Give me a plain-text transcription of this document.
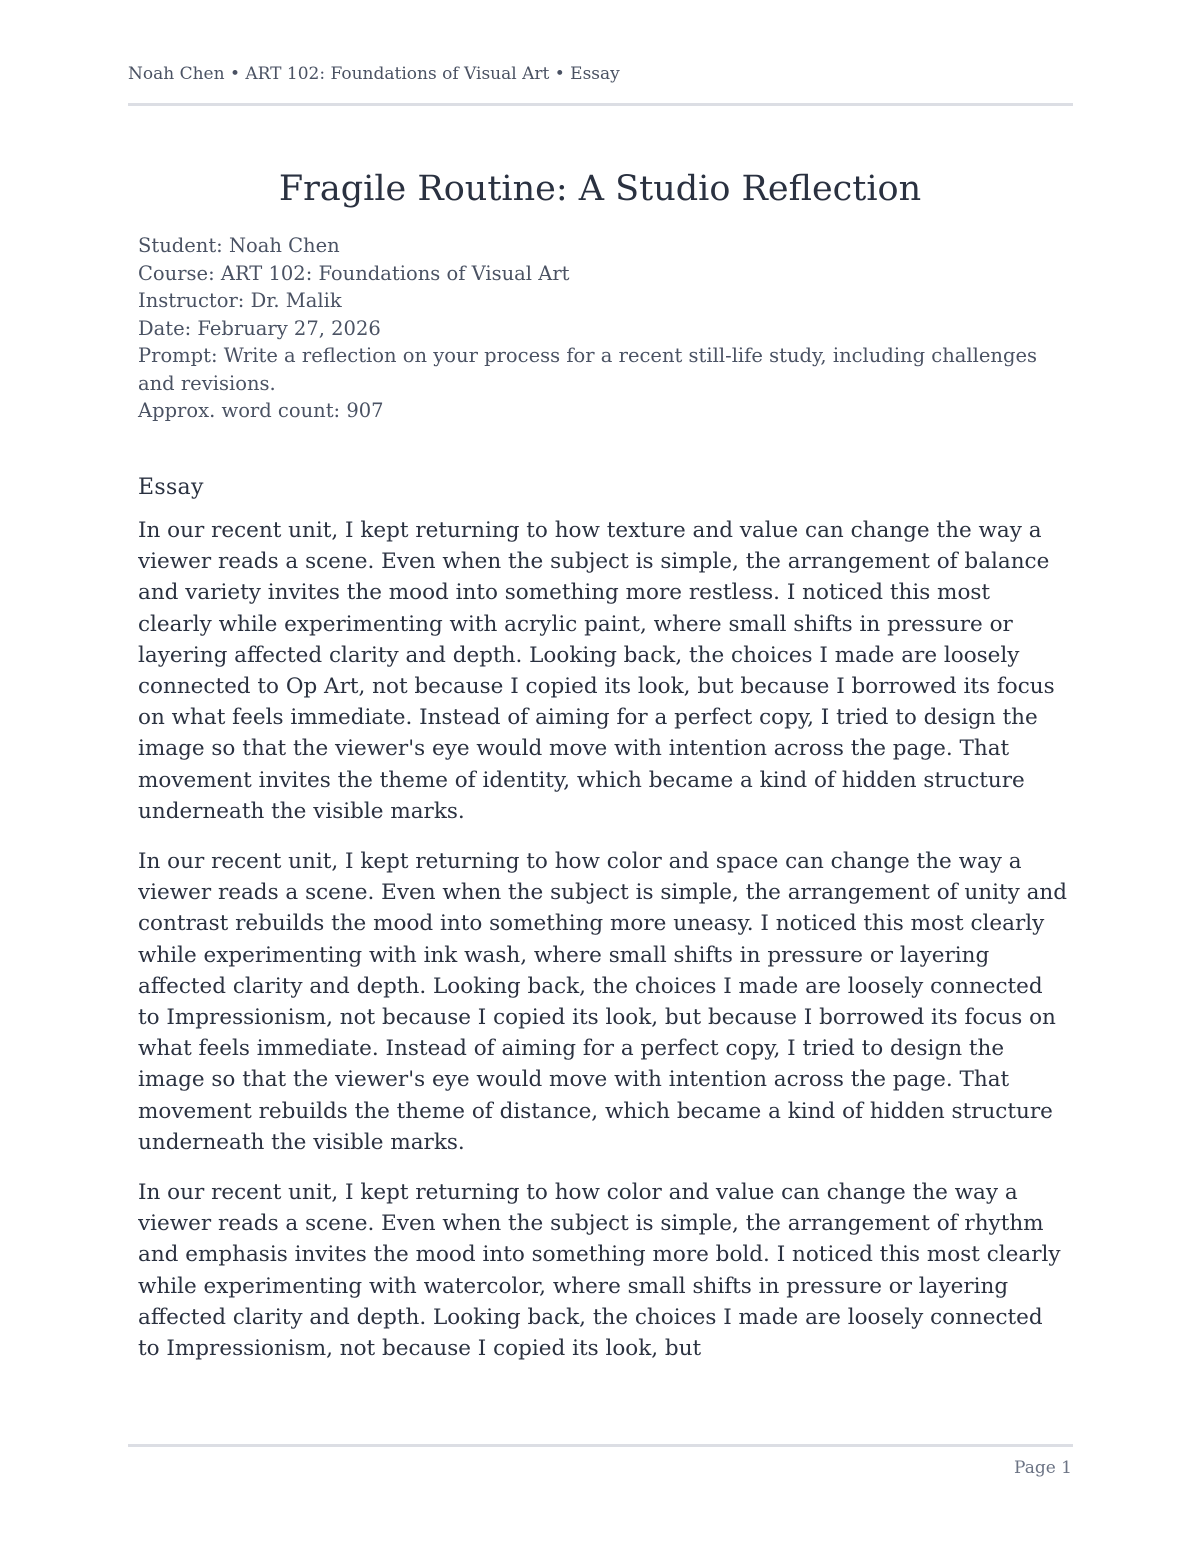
Noah Chen • ART 102: Foundations of Visual Art • Essay
Fragile Routine: A Studio Reflection
Student: Noah Chen
Course: ART 102: Foundations of Visual Art
Instructor: Dr. Malik
Date: February 27, 2026
Prompt: Write a reflection on your process for a recent still-life study, including challenges and revisions.
Approx. word count: 907
Essay

In our recent unit, I kept returning to how texture and value can change the way a viewer reads a scene. Even when the subject is simple, the arrangement of balance and variety invites the mood into something more restless. I noticed this most clearly while experimenting with acrylic paint, where small shifts in pressure or layering affected clarity and depth. Looking back, the choices I made are loosely connected to Op Art, not because I copied its look, but because I borrowed its focus on what feels immediate. Instead of aiming for a perfect copy, I tried to design the image so that the viewer's eye would move with intention across the page. That movement invites the theme of identity, which became a kind of hidden structure underneath the visible marks.

In our recent unit, I kept returning to how color and space can change the way a viewer reads a scene. Even when the subject is simple, the arrangement of unity and contrast rebuilds the mood into something more uneasy. I noticed this most clearly while experimenting with ink wash, where small shifts in pressure or layering affected clarity and depth. Looking back, the choices I made are loosely connected to Impressionism, not because I copied its look, but because I borrowed its focus on what feels immediate. Instead of aiming for a perfect copy, I tried to design the image so that the viewer's eye would move with intention across the page. That movement rebuilds the theme of distance, which became a kind of hidden structure underneath the visible marks.

In our recent unit, I kept returning to how color and value can change the way a viewer reads a scene. Even when the subject is simple, the arrangement of rhythm and emphasis invites the mood into something more bold. I noticed this most clearly while experimenting with watercolor, where small shifts in pressure or layering affected clarity and depth. Looking back, the choices I made are loosely connected to Impressionism, not because I copied its look, but

Page 1
